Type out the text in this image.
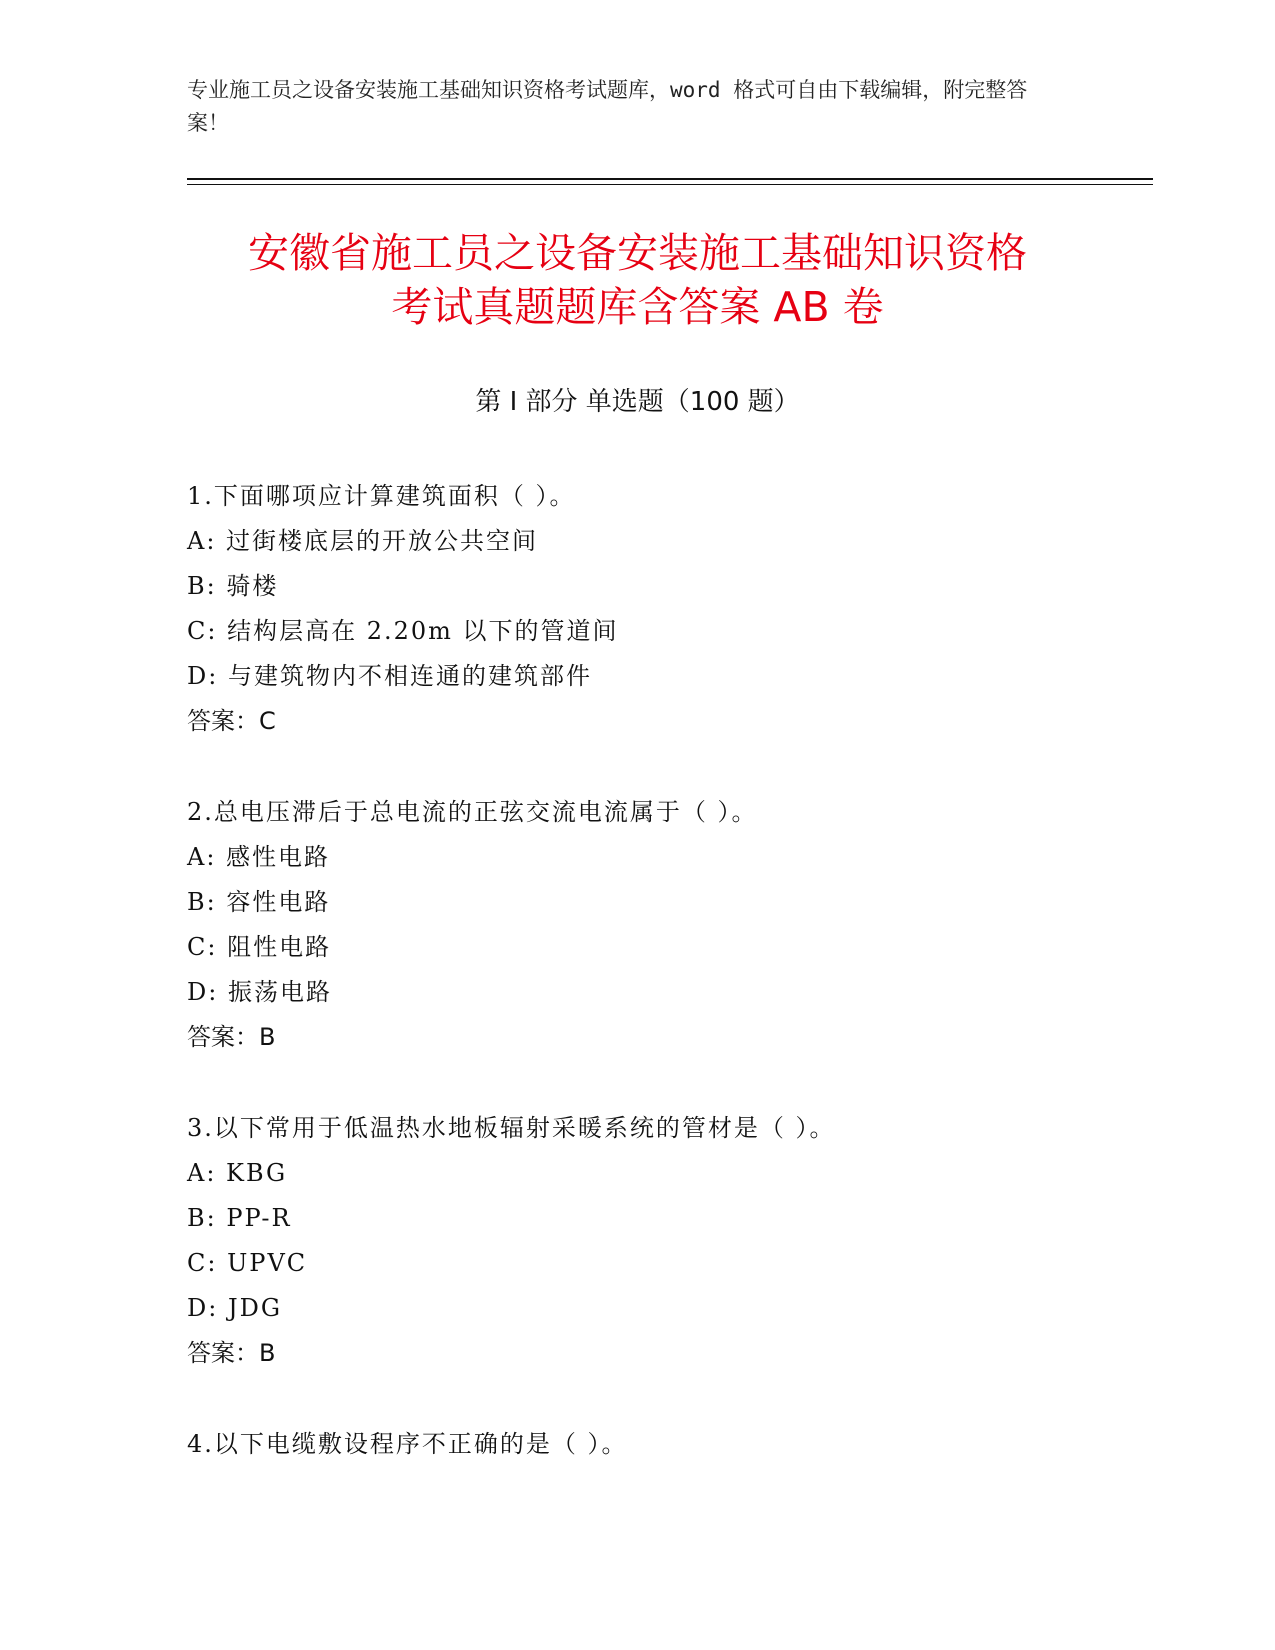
专业施工员之设备安装施工基础知识资格考试题库，word 格式可自由下载编辑，附完整答案！
安徽省施工员之设备安装施工基础知识资格
考试真题题库含答案 AB 卷
第 I 部分 单选题（100 题）
1.下面哪项应计算建筑面积（ ）。
A: 过街楼底层的开放公共空间
B: 骑楼
C: 结构层高在 2.20m 以下的管道间
D: 与建筑物内不相连通的建筑部件
答案：C
2.总电压滞后于总电流的正弦交流电流属于（ ）。
A: 感性电路
B: 容性电路
C: 阻性电路
D: 振荡电路
答案：B
3.以下常用于低温热水地板辐射采暖系统的管材是（ ）。
A: KBG
B: PP-R
C: UPVC
D: JDG
答案：B
4.以下电缆敷设程序不正确的是（ ）。
